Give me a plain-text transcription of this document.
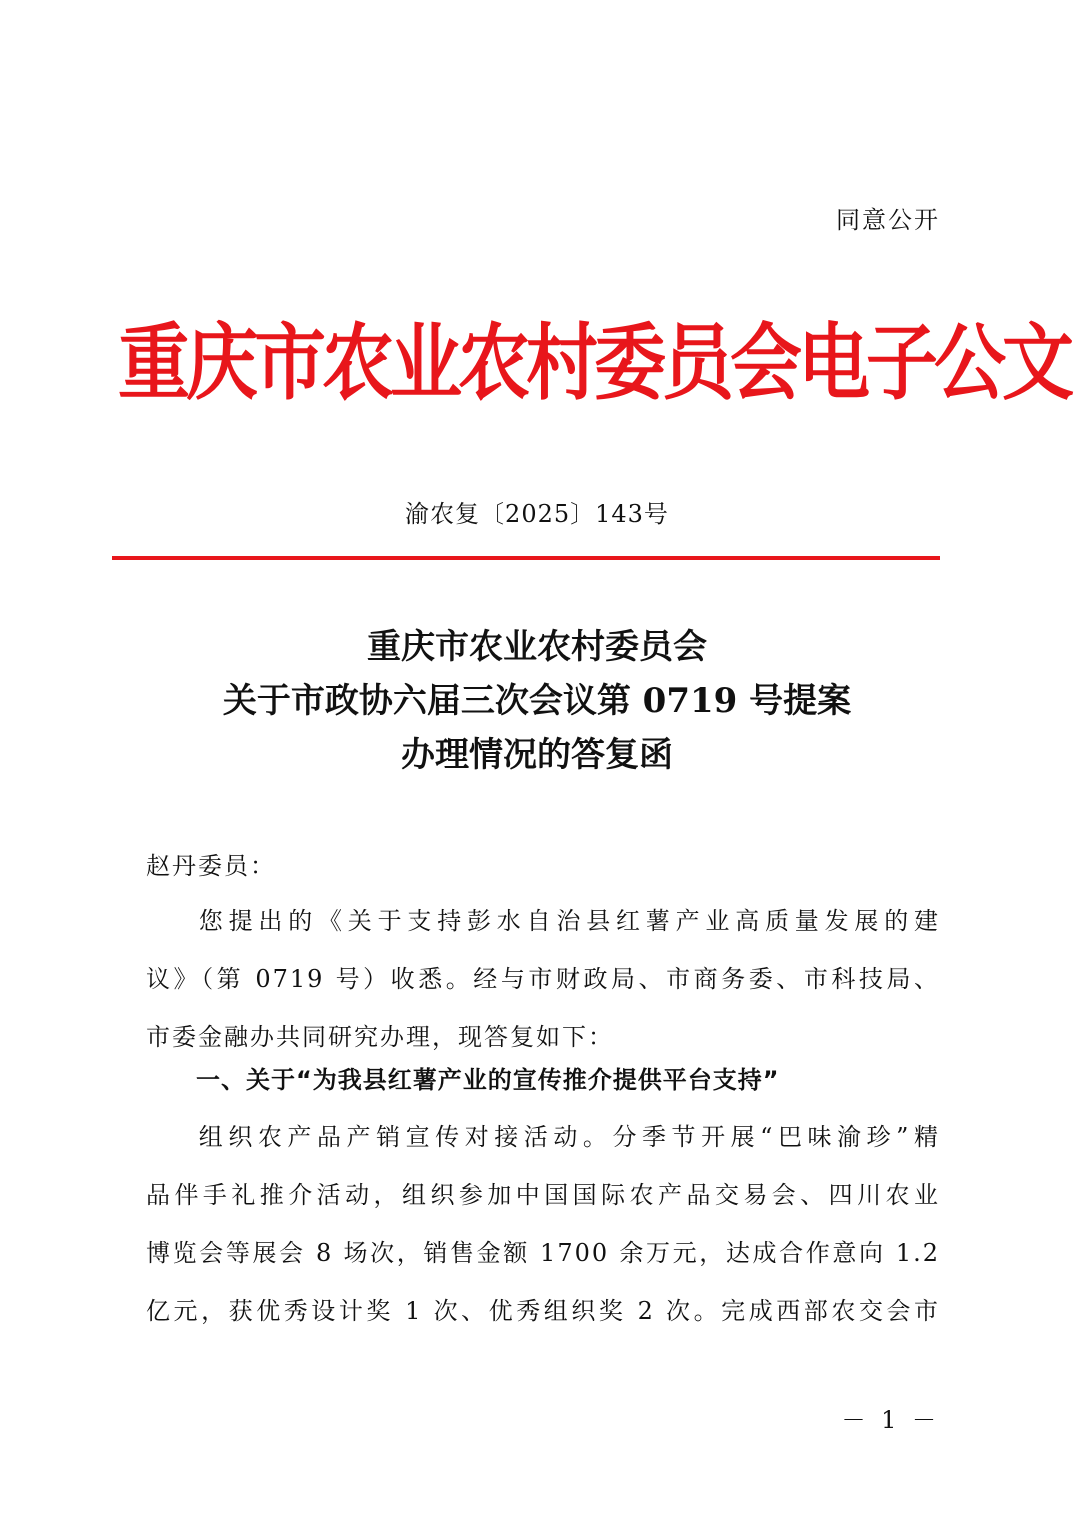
同意公开
重庆市农业农村委员会电子公文
渝农复〔2025〕143号
重庆市农业农村委员会
关于市政协六届三次会议第 0719 号提案
办理情况的答复函
赵丹委员：
您提出的《关于支持彭水自治县红薯产业高质量发展的建
议》（第 0719 号）收悉。经与市财政局、市商务委、市科技局、
市委金融办共同研究办理，现答复如下：
一、关于“为我县红薯产业的宣传推介提供平台支持”
组织农产品产销宣传对接活动。分季节开展“巴味渝珍”精
品伴手礼推介活动，组织参加中国国际农产品交易会、四川农业
博览会等展会 8 场次，销售金额 1700 余万元，达成合作意向 1.2
亿元，获优秀设计奖 1 次、优秀组织奖 2 次。完成西部农交会市
－ 1 －
